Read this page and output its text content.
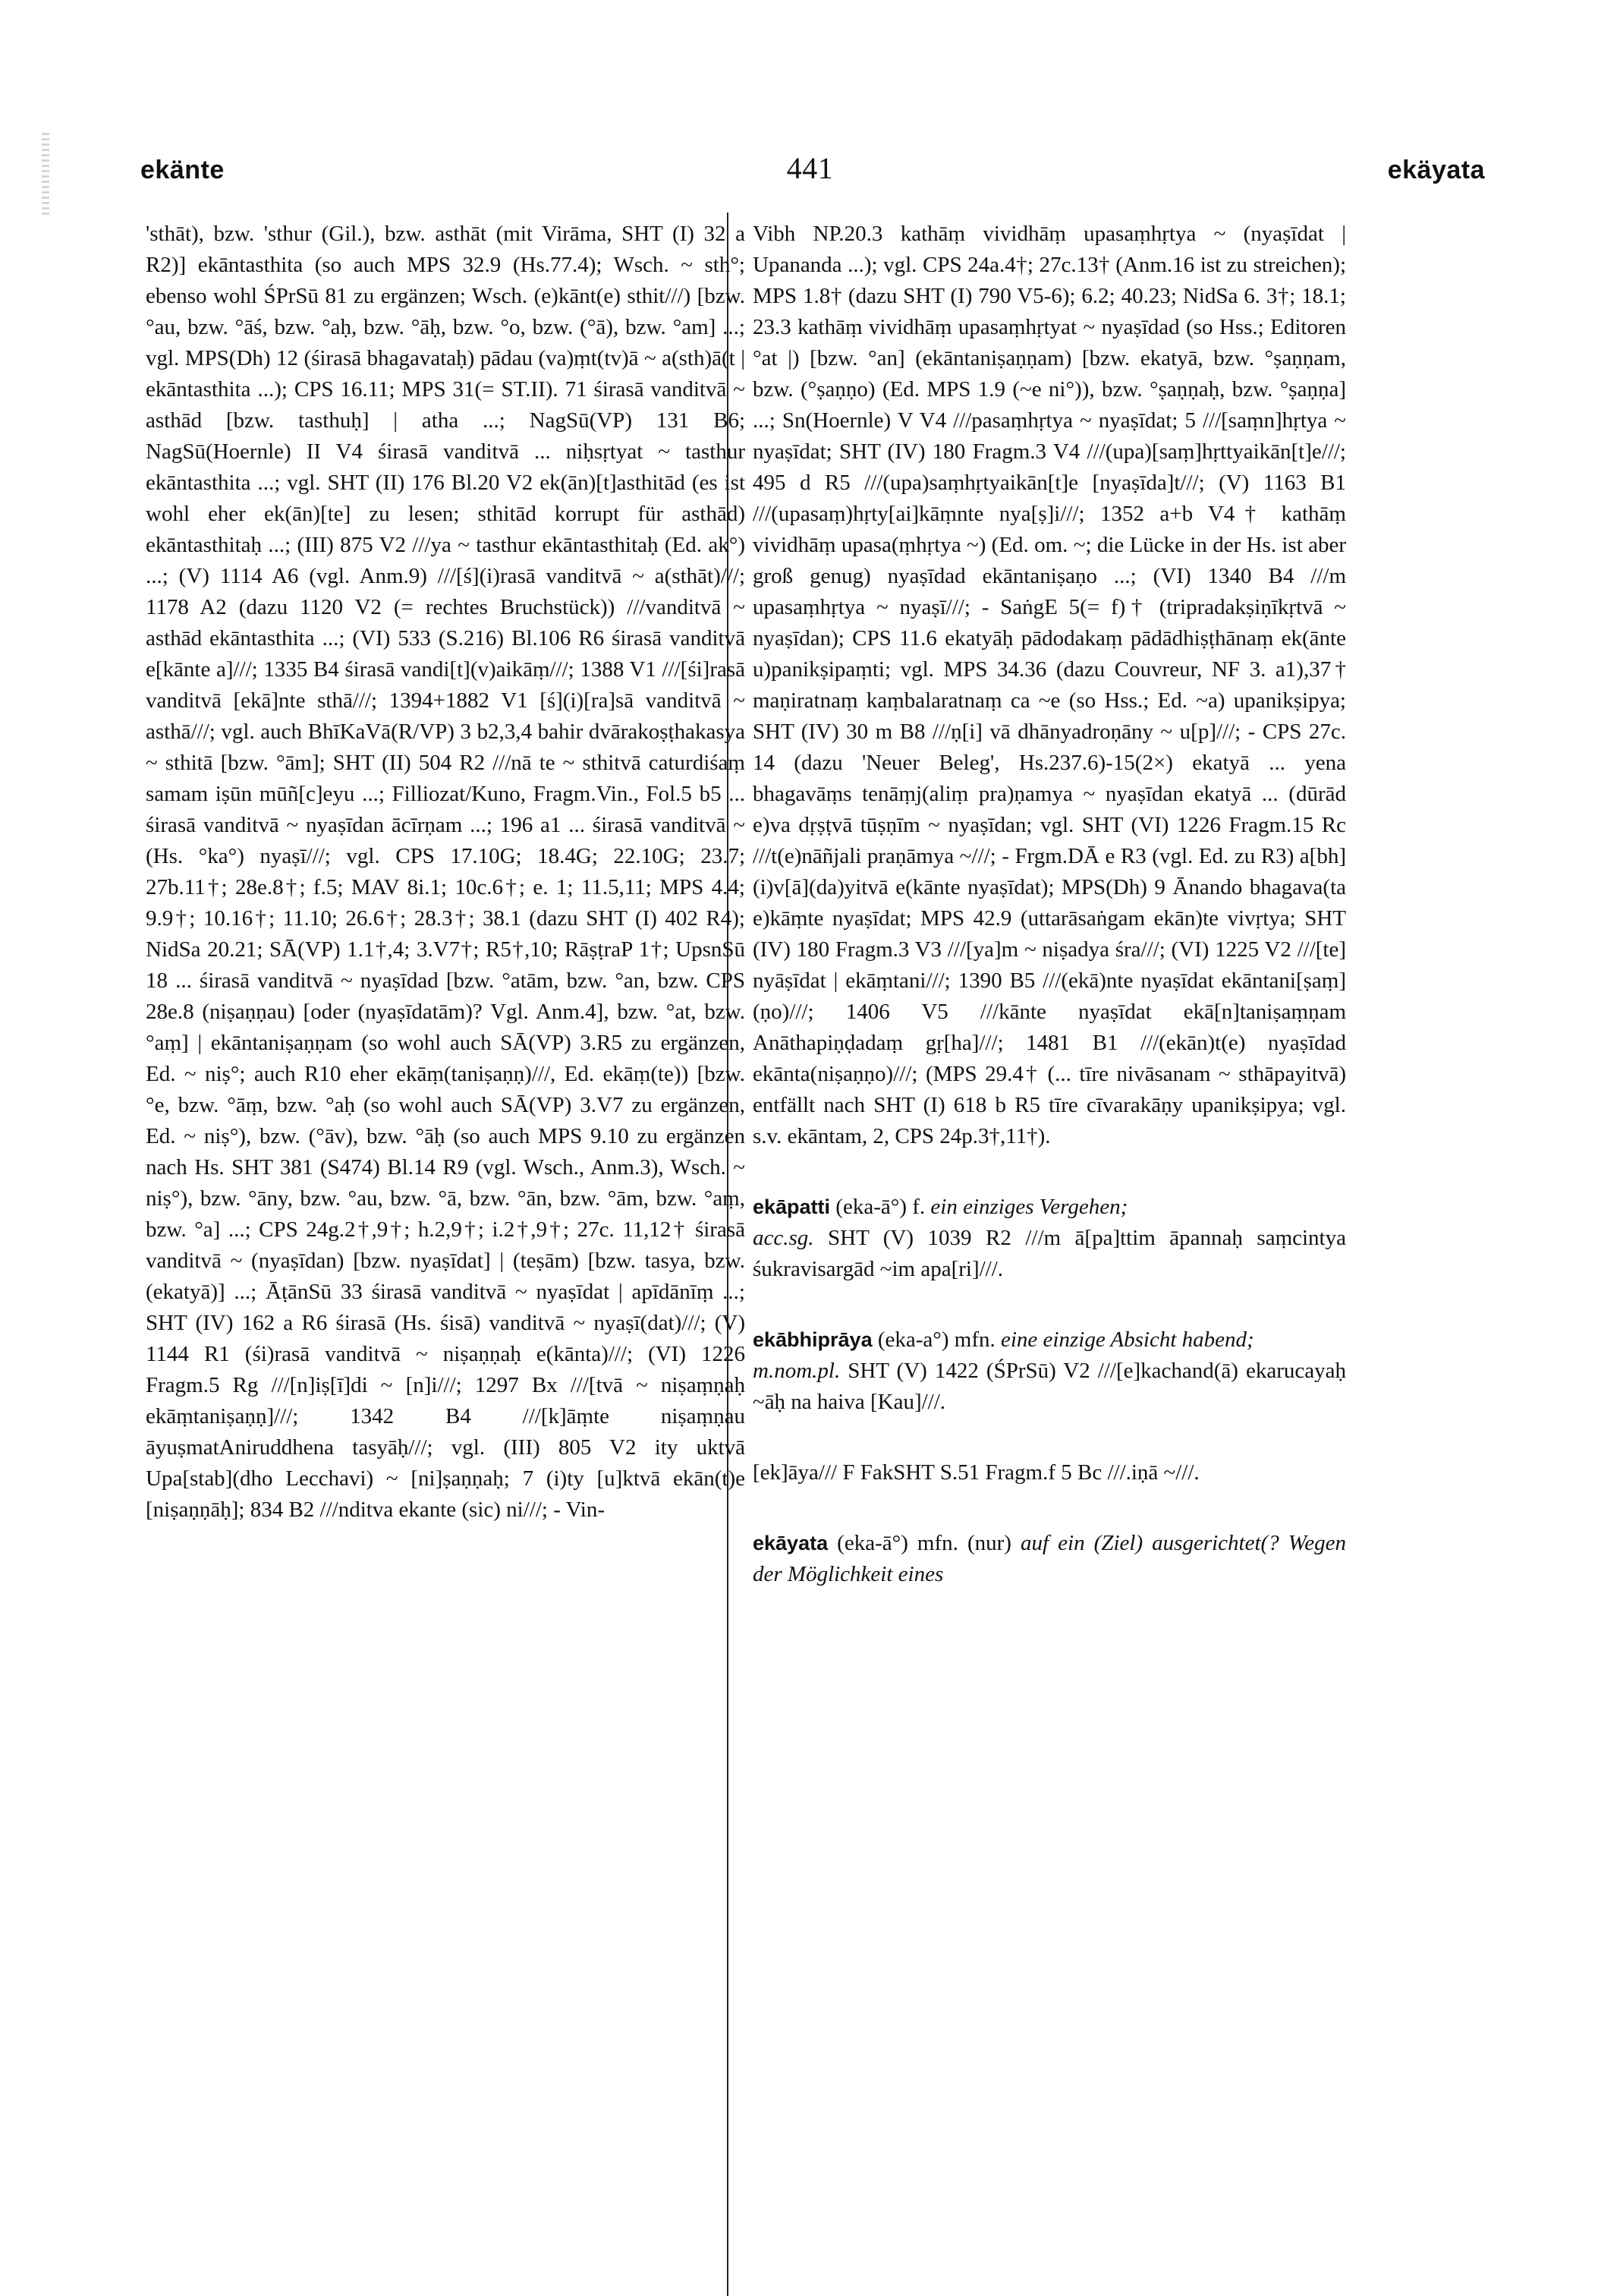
ekänte	441	ekäyata

'sthāt), bzw. 'sthur (Gil.), bzw. asthāt (mit Virāma, SHT (I) 32 a R2)] ekāntasthita (so auch MPS 32.9 (Hs.77.4); Wsch. ~ sth°; ebenso wohl ŚPrSū 81 zu ergänzen; Wsch. (e)kānt(e) sthit///) [bzw. °au, bzw. °āś, bzw. °aḥ, bzw. °āḥ, bzw. °o, bzw. (°ā), bzw. °am] ...; vgl. MPS(Dh) 12 (śirasā bhagavataḥ) pādau (va)ṃt(tv)ā ~ a(sth)ā(t | ekāntasthita ...); CPS 16.11; MPS 31(= ST.II). 71 śirasā vanditvā ~ asthād [bzw. tasthuḥ] | atha ...; NagSū(VP) 131 B6; NagSū(Hoernle) II V4 śirasā vanditvā ... niḥsṛtyat ~ tasthur ekāntasthita ...; vgl. SHT (II) 176 Bl.20 V2 ek(ān)[t]asthitād (es ist wohl eher ek(ān)[te] zu lesen; sthitād korrupt für asthād) ekāntasthitaḥ ...; (III) 875 V2 ///ya ~ tasthur ekāntasthitaḥ (Ed. ak°) ...; (V) 1114 A6 (vgl. Anm.9) ///[ś](i)rasā vanditvā ~ a(sthāt)///; 1178 A2 (dazu 1120 V2 (= rechtes Bruchstück)) ///vanditvā ~ asthād ekāntasthita ...; (VI) 533 (S.216) Bl.106 R6 śirasā vanditvā e[kānte a]///; 1335 B4 śirasā vandi[t](v)aikāṃ///; 1388 V1 ///[śi]rasā vanditvā [ekā]nte sthā///; 1394+1882 V1 [ś](i)[ra]sā vanditvā ~ asthā///; vgl. auch BhīKaVā(R/VP) 3 b2,3,4 bahir dvārakoṣṭhakasya ~ sthitā [bzw. °ām]; SHT (II) 504 R2 ///nā te ~ sthitvā caturdiśaṃ samam iṣūn mūñ[c]eyu ...; Filliozat/Kuno, Fragm.Vin., Fol.5 b5 ... śirasā vanditvā ~ nyaṣīdan ācīrṇam ...; 196 a1 ... śirasā vanditvā ~ (Hs. °ka°) nyaṣī///; vgl. CPS 17.10G; 18.4G; 22.10G; 23.7; 27b.11†; 28e.8†; f.5; MAV 8i.1; 10c.6†; e. 1; 11.5,11; MPS 4.4; 9.9†; 10.16†; 11.10; 26.6†; 28.3†; 38.1 (dazu SHT (I) 402 R4); NidSa 20.21; SĀ(VP) 1.1†,4; 3.V7†; R5†,10; RāṣṭraP 1†; UpsnSū 18 ... śirasā vanditvā ~ nyaṣīdad [bzw. °atām, bzw. °an, bzw. CPS 28e.8 (niṣaṇṇau) [oder (nyaṣīdatām)? Vgl. Anm.4], bzw. °at, bzw. °aṃ] | ekāntaniṣaṇṇam (so wohl auch SĀ(VP) 3.R5 zu ergänzen, Ed. ~ niṣ°; auch R10 eher ekāṃ(taniṣaṇṇ)///, Ed. ekāṃ(te)) [bzw. °e, bzw. °āṃ, bzw. °aḥ (so wohl auch SĀ(VP) 3.V7 zu ergänzen, Ed. ~ niṣ°), bzw. (°āv), bzw. °āḥ (so auch MPS 9.10 zu ergänzen nach Hs. SHT 381 (S474) Bl.14 R9 (vgl. Wsch., Anm.3), Wsch. ~ niṣ°), bzw. °āny, bzw. °au, bzw. °ā, bzw. °ān, bzw. °ām, bzw. °aṃ, bzw. °a] ...; CPS 24g.2†,9†; h.2,9†; i.2†,9†; 27c. 11,12† śirasā vanditvā ~ (nyaṣīdan) [bzw. nyaṣīdat] | (teṣām) [bzw. tasya, bzw. (ekatyā)] ...; ĀṭānSū 33 śirasā vanditvā ~ nyaṣīdat | apīdānīṃ ...; SHT (IV) 162 a R6 śirasā (Hs. śisā) vanditvā ~ nyaṣī(dat)///; (V) 1144 R1 (śi)rasā vanditvā ~ niṣaṇṇaḥ e(kānta)///; (VI) 1226 Fragm.5 Rg ///[n]iṣ[ī]di ~ [n]i///; 1297 Bx ///[tvā ~ niṣaṃṇaḥ ekāṃtaniṣaṇṇ]///; 1342 B4 ///[k]āṃte niṣaṃṇau āyuṣmatAniruddhena tasyāḥ///; vgl. (III) 805 V2 ity uktvā Upa[stab](dho Lecchavi) ~ [ni]ṣaṇṇaḥ; 7 (i)ty [u]ktvā ekān(t)e [niṣaṇṇāḥ]; 834 B2 ///nditva ekante (sic) ni///; - Vin-

Vibh NP.20.3 kathāṃ vividhāṃ upasaṃhṛtya ~ (nyaṣīdat | Upananda ...); vgl. CPS 24a.4†; 27c.13† (Anm.16 ist zu streichen); MPS 1.8† (dazu SHT (I) 790 V5-6); 6.2; 40.23; NidSa 6. 3†; 18.1; 23.3 kathāṃ vividhāṃ upasaṃhṛtyat ~ nyaṣīdad (so Hss.; Editoren °at |) [bzw. °an] (ekāntaniṣaṇṇam) [bzw. ekatyā, bzw. °ṣaṇṇam, bzw. (°ṣaṇṇo) (Ed. MPS 1.9 (~e ni°)), bzw. °ṣaṇṇaḥ, bzw. °ṣaṇṇa] ...; Sn(Hoernle) V V4 ///pasaṃhṛtya ~ nyaṣīdat; 5 ///[saṃn]hṛtya ~ nyaṣīdat; SHT (IV) 180 Fragm.3 V4 ///(upa)[saṃ]hṛttyaikān[t]e///; 495 d R5 ///(upa)saṃhṛtyaikān[t]e [nyaṣīda]t///; (V) 1163 B1 ///(upasaṃ)hṛty[ai]kāṃnte nya[ṣ]i///; 1352 a+b V4† kathāṃ vividhāṃ upasa(ṃhṛtya ~) (Ed. om. ~; die Lücke in der Hs. ist aber groß genug) nyaṣīdad ekāntaniṣaṇo ...; (VI) 1340 B4 ///m upasaṃhṛtya ~ nyaṣī///; - SaṅgE 5(= f)† (tripradakṣiṇīkṛtvā ~ nyaṣīdan); CPS 11.6 ekatyāḥ pādodakaṃ pādādhiṣṭhānaṃ ek(ānte u)panikṣipaṃti; vgl. MPS 34.36 (dazu Couvreur, NF 3. a1),37† maṇiratnaṃ kaṃbalaratnaṃ ca ~e (so Hss.; Ed. ~a) upanikṣipya; SHT (IV) 30 m B8 ///ṇ[i] vā dhānyadroṇāny ~ u[p]///; - CPS 27c. 14 (dazu 'Neuer Beleg', Hs.237.6)-15(2×) ekatyā ... yena bhagavāṃs tenāṃj(aliṃ pra)ṇamya ~ nyaṣīdan ekatyā ... (dūrād e)va dṛṣṭvā tūṣṇīm ~ nyaṣīdan; vgl. SHT (VI) 1226 Fragm.15 Rc ///t(e)nāñjali praṇāmya ~///; - Frgm.DĀ e R3 (vgl. Ed. zu R3) a[bh](i)v[ā](da)yitvā e(kānte nyaṣīdat); MPS(Dh) 9 Ānando bhagava(ta e)kāṃte nyaṣīdat; MPS 42.9 (uttarāsaṅgam ekān)te vivṛtya; SHT (IV) 180 Fragm.3 V3 ///[ya]m ~ niṣadya śra///; (VI) 1225 V2 ///[te] nyāṣīdat | ekāṃtani///; 1390 B5 ///(ekā)nte nyaṣīdat ekāntani[ṣaṃ](ṇo)///; 1406 V5 ///kānte nyaṣīdat ekā[n]taniṣaṃṇam Anāthapiṇḍadaṃ gṛ[ha]///; 1481 B1 ///(ekān)t(e) nyaṣīdad ekānta(niṣaṇṇo)///; (MPS 29.4† (... tīre nivāsanam ~ sthāpayitvā) entfällt nach SHT (I) 618 b R5 tīre cīvarakāṇy upanikṣipya; vgl. s.v. ekāntam, 2, CPS 24p.3†,11†).

ekāpatti (eka-ā°) f. ein einziges Vergehen;
acc.sg. SHT (V) 1039 R2 ///m ā[pa]ttim āpannaḥ saṃcintya śukravisargād ~im apa[ri]///.

ekābhiprāya (eka-a°) mfn. eine einzige Absicht habend;
m.nom.pl. SHT (V) 1422 (ŚPrSū) V2 ///[e]kachand(ā) ekarucayaḥ ~āḥ na haiva [Kau]///.

[ek]āya/// F FakSHT S.51 Fragm.f 5 Bc ///.iṇā ~///.

ekāyata (eka-ā°) mfn. (nur) auf ein (Ziel) ausgerichtet(? Wegen der Möglichkeit eines
